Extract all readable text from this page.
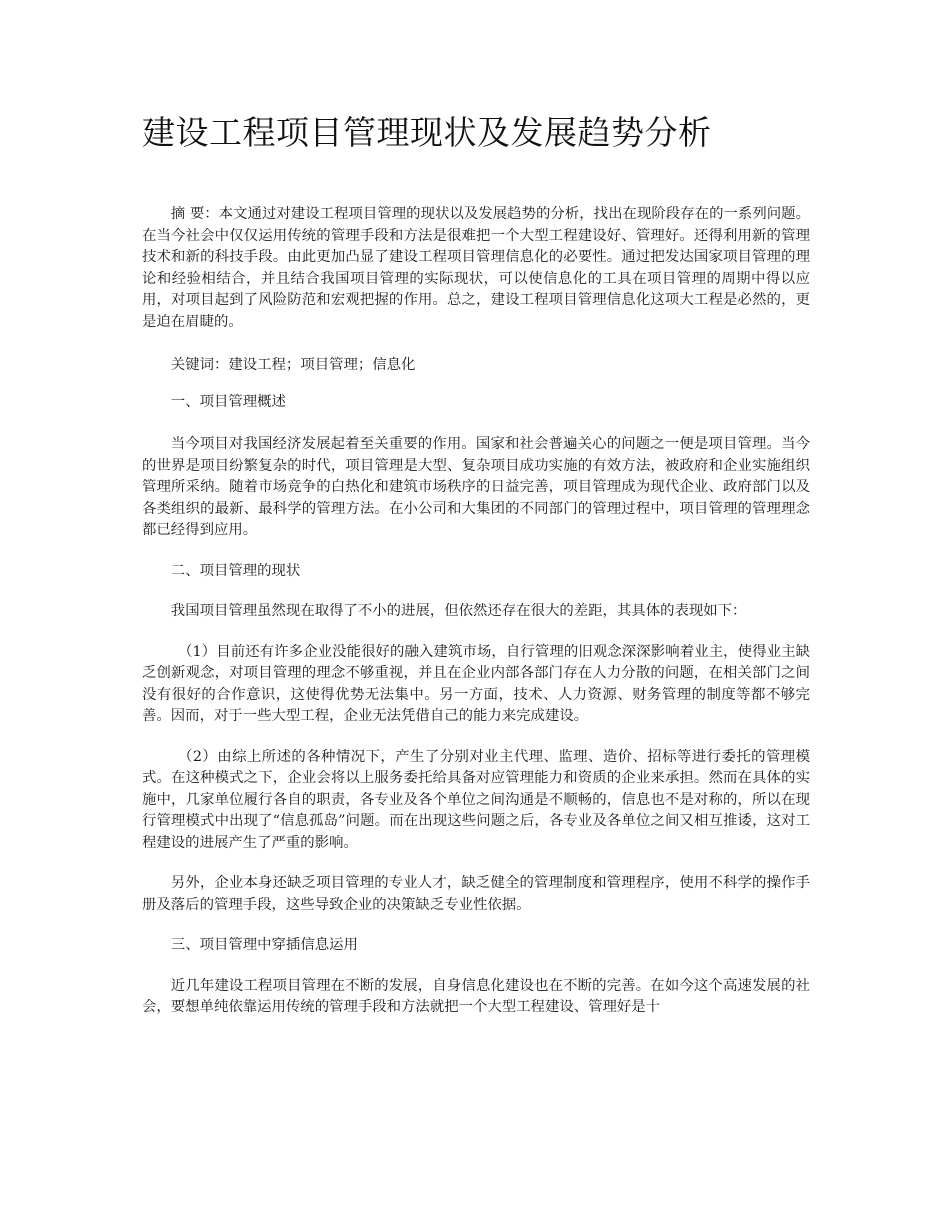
建设工程项目管理现状及发展趋势分析

摘 要：本文通过对建设工程项目管理的现状以及发展趋势的分析，找出在现阶段存在的一系列问题。在当今社会中仅仅运用传统的管理手段和方法是很难把一个大型工程建设好、管理好。还得利用新的管理技术和新的科技手段。由此更加凸显了建设工程项目管理信息化的必要性。通过把发达国家项目管理的理论和经验相结合，并且结合我国项目管理的实际现状，可以使信息化的工具在项目管理的周期中得以应用，对项目起到了风险防范和宏观把握的作用。总之，建设工程项目管理信息化这项大工程是必然的，更是迫在眉睫的。

关键词：建设工程；项目管理；信息化

一、项目管理概述

当今项目对我国经济发展起着至关重要的作用。国家和社会普遍关心的问题之一便是项目管理。当今的世界是项目纷繁复杂的时代，项目管理是大型、复杂项目成功实施的有效方法，被政府和企业实施组织管理所采纳。随着市场竞争的白热化和建筑市场秩序的日益完善，项目管理成为现代企业、政府部门以及各类组织的最新、最科学的管理方法。在小公司和大集团的不同部门的管理过程中，项目管理的管理理念都已经得到应用。

二、项目管理的现状

我国项目管理虽然现在取得了不小的进展，但依然还存在很大的差距，其具体的表现如下：

（1）目前还有许多企业没能很好的融入建筑市场，自行管理的旧观念深深影响着业主，使得业主缺乏创新观念，对项目管理的理念不够重视，并且在企业内部各部门存在人力分散的问题，在相关部门之间没有很好的合作意识，这使得优势无法集中。另一方面，技术、人力资源、财务管理的制度等都不够完善。因而，对于一些大型工程，企业无法凭借自己的能力来完成建设。

（2）由综上所述的各种情况下，产生了分别对业主代理、监理、造价、招标等进行委托的管理模式。在这种模式之下，企业会将以上服务委托给具备对应管理能力和资质的企业来承担。然而在具体的实施中，几家单位履行各自的职责，各专业及各个单位之间沟通是不顺畅的，信息也不是对称的，所以在现行管理模式中出现了“信息孤岛”问题。而在出现这些问题之后，各专业及各单位之间又相互推诿，这对工程建设的进展产生了严重的影响。

另外，企业本身还缺乏项目管理的专业人才，缺乏健全的管理制度和管理程序，使用不科学的操作手册及落后的管理手段，这些导致企业的决策缺乏专业性依据。

三、项目管理中穿插信息运用

近几年建设工程项目管理在不断的发展，自身信息化建设也在不断的完善。在如今这个高速发展的社会，要想单纯依靠运用传统的管理手段和方法就把一个大型工程建设、管理好是十
